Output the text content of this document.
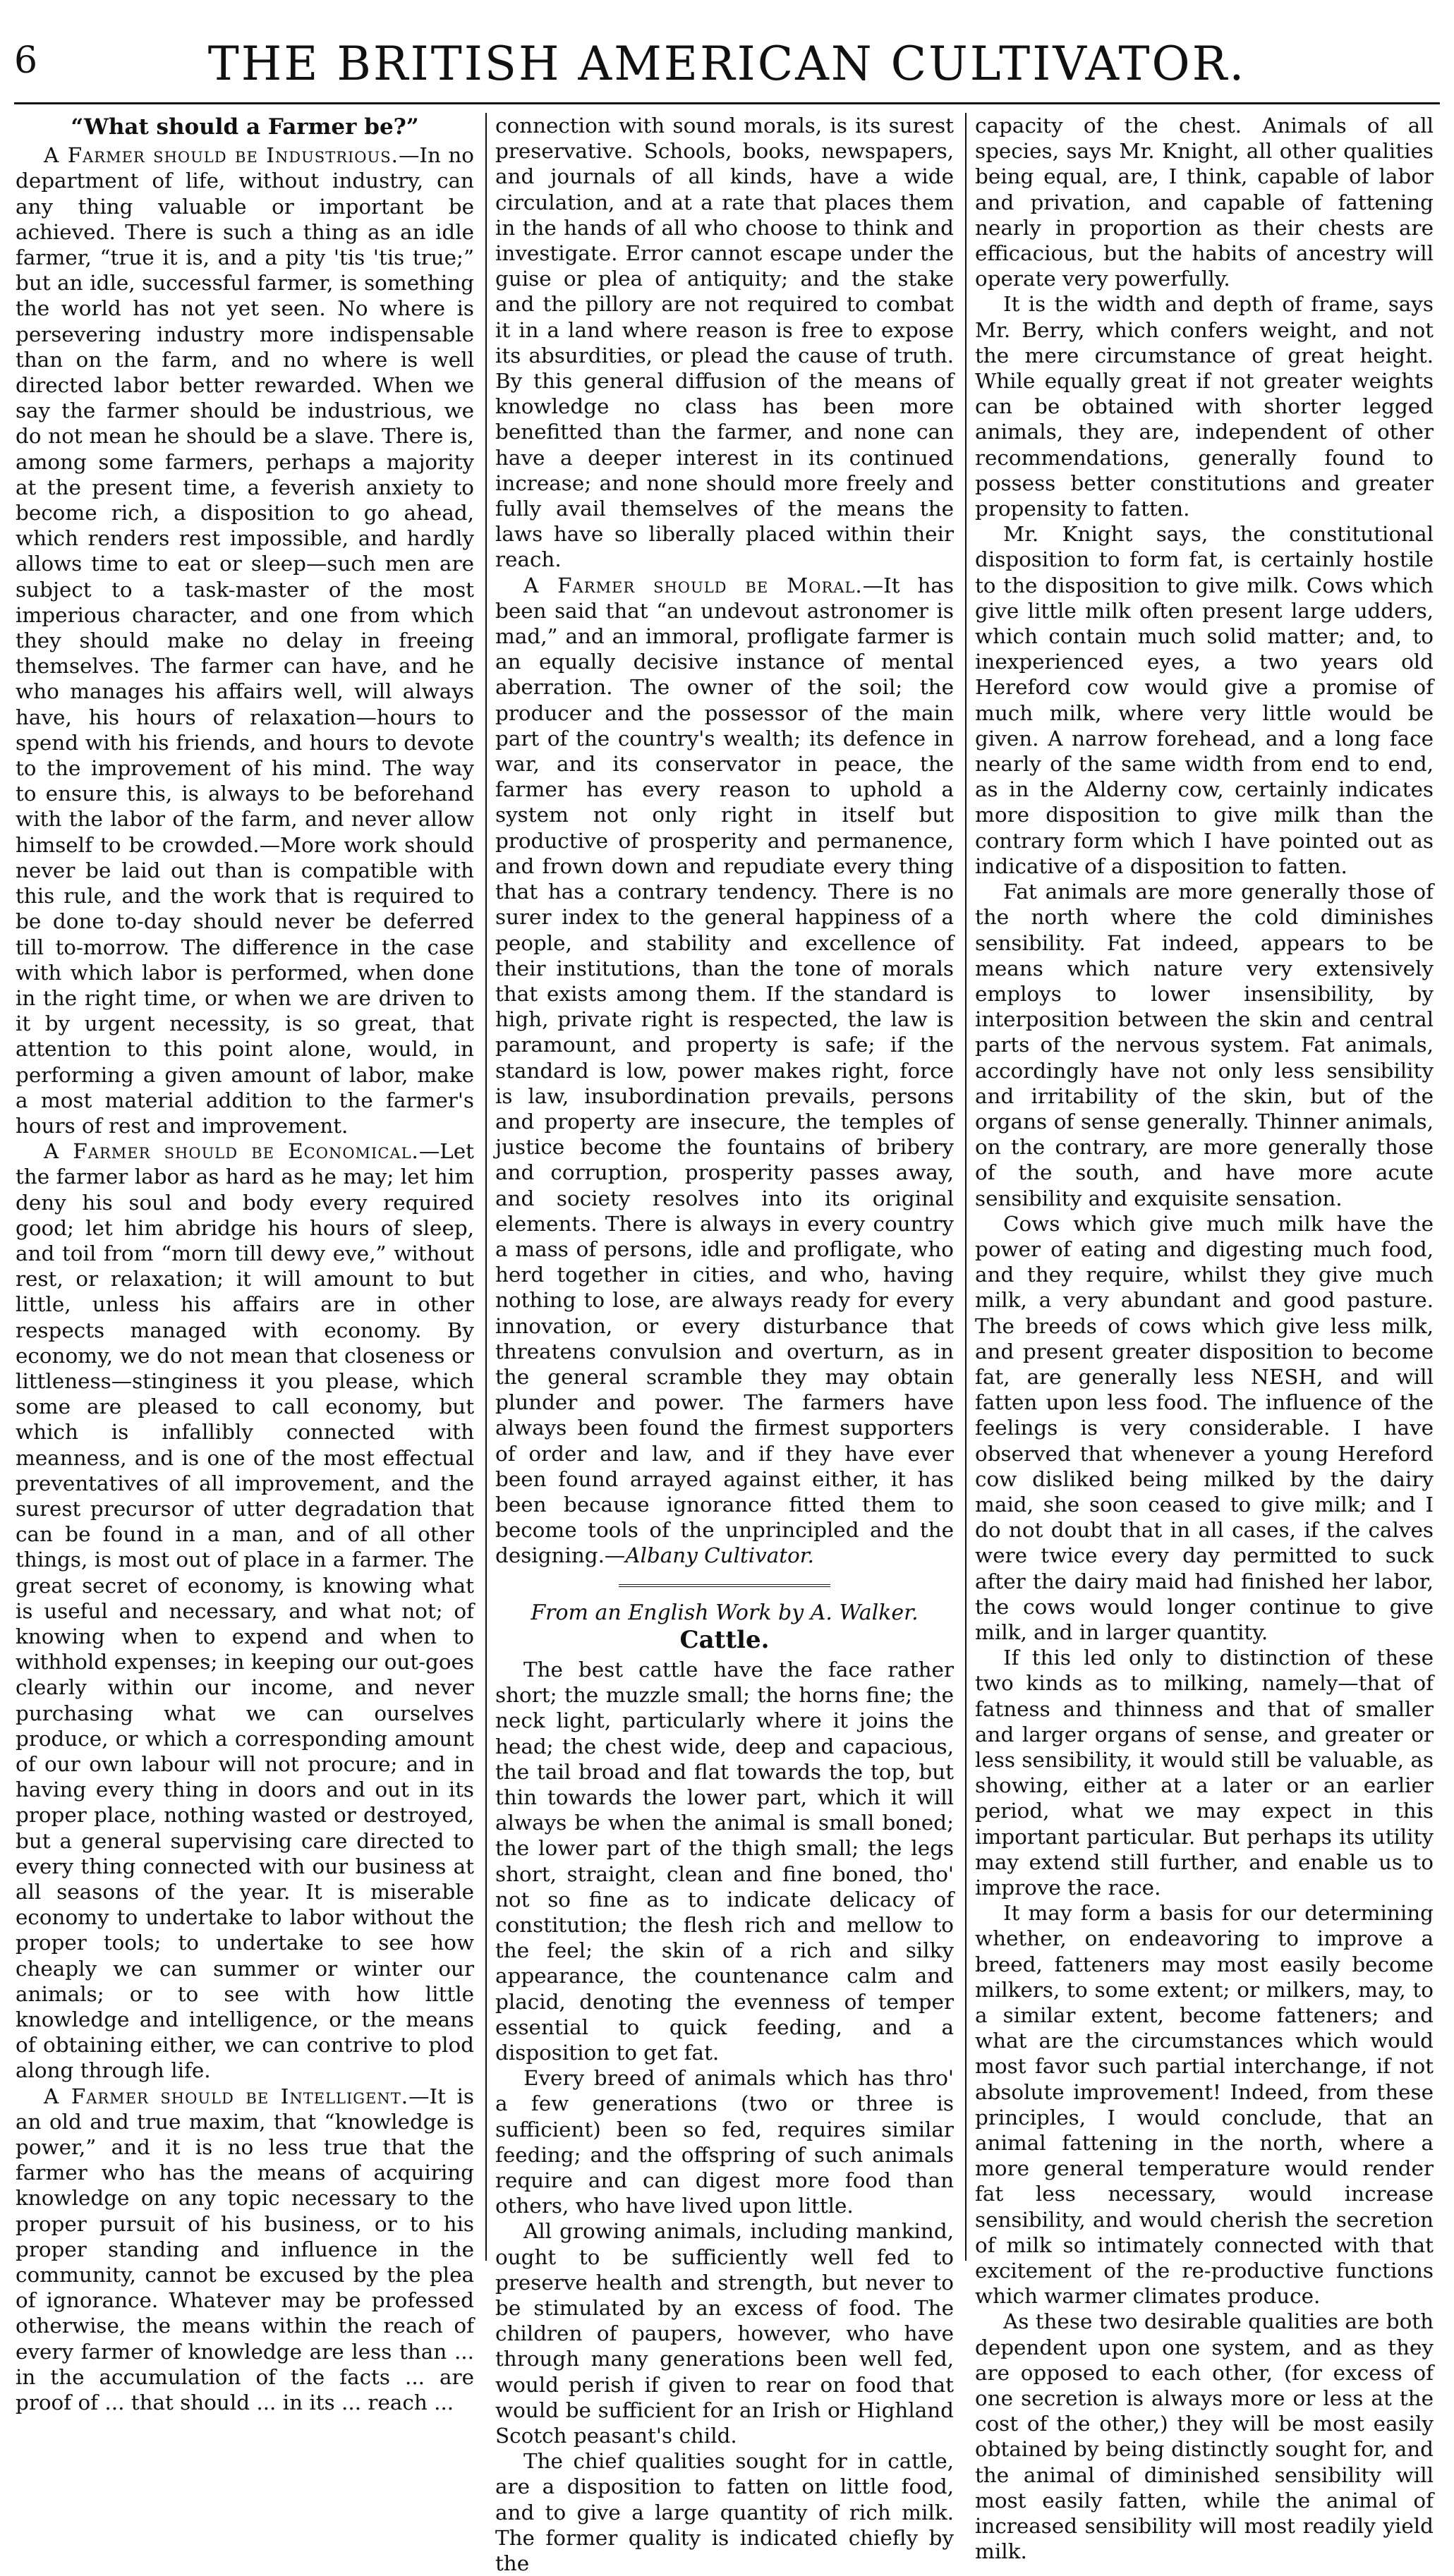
6	THE BRITISH AMERICAN CULTIVATOR.
“What should a Farmer be?”

A Farmer should be Industrious.—In no department of life, without industry, can any thing valuable or important be achieved. There is such a thing as an idle farmer, “true it is, and a pity 'tis 'tis true;” but an idle, successful farmer, is something the world has not yet seen. No where is persevering industry more indispensable than on the farm, and no where is well directed labor better rewarded. When we say the farmer should be industrious, we do not mean he should be a slave. There is, among some farmers, perhaps a majority at the present time, a feverish anxiety to become rich, a disposition to go ahead, which renders rest impossible, and hardly allows time to eat or sleep—such men are subject to a task-master of the most imperious character, and one from which they should make no delay in freeing themselves. The farmer can have, and he who manages his affairs well, will always have, his hours of relaxation—hours to spend with his friends, and hours to devote to the improvement of his mind. The way to ensure this, is always to be beforehand with the labor of the farm, and never allow himself to be crowded.—More work should never be laid out than is compatible with this rule, and the work that is required to be done to-day should never be deferred till to-morrow. The difference in the case with which labor is performed, when done in the right time, or when we are driven to it by urgent necessity, is so great, that attention to this point alone, would, in performing a given amount of labor, make a most material addition to the farmer's hours of rest and improvement.

A Farmer should be Economical.—Let the farmer labor as hard as he may; let him deny his soul and body every required good; let him abridge his hours of sleep, and toil from “morn till dewy eve,” without rest, or relaxation; it will amount to but little, unless his affairs are in other respects managed with economy. By economy, we do not mean that closeness or littleness—stinginess it you please, which some are pleased to call economy, but which is infallibly connected with meanness, and is one of the most effectual preventatives of all improvement, and the surest precursor of utter degradation that can be found in a man, and of all other things, is most out of place in a farmer. The great secret of economy, is knowing what is useful and necessary, and what not; of knowing when to expend and when to withhold expenses; in keeping our out-goes clearly within our income, and never purchasing what we can ourselves produce, or which a corresponding amount of our own labour will not procure; and in having every thing in doors and out in its proper place, nothing wasted or destroyed, but a general supervising care directed to every thing connected with our business at all seasons of the year. It is miserable economy to undertake to labor without the proper tools; to undertake to see how cheaply we can summer or winter our animals; or to see with how little knowledge and intelligence, or the means of obtaining either, we can contrive to plod along through life.

A Farmer should be Intelligent.—It is an old and true maxim, that “knowledge is power,” and it is no less true that the farmer who has the means of acquiring knowledge on any topic necessary to the proper pursuit of his business, or to his proper standing and influence in the community, cannot be excused by the plea of ignorance. Whatever may be professed otherwise, the means within the reach of every farmer of knowledge are less than ... in the accumulation of the facts ... are proof of ... that should ... in its ... reach ...

connection with sound morals, is its surest preservative. Schools, books, newspapers, and journals of all kinds, have a wide circulation, and at a rate that places them in the hands of all who choose to think and investigate. Error cannot escape under the guise or plea of antiquity; and the stake and the pillory are not required to combat it in a land where reason is free to expose its absurdities, or plead the cause of truth. By this general diffusion of the means of knowledge no class has been more benefitted than the farmer, and none can have a deeper interest in its continued increase; and none should more freely and fully avail themselves of the means the laws have so liberally placed within their reach.

A Farmer should be Moral.—It has been said that “an undevout astronomer is mad,” and an immoral, profligate farmer is an equally decisive instance of mental aberration. The owner of the soil; the producer and the possessor of the main part of the country's wealth; its defence in war, and its conservator in peace, the farmer has every reason to uphold a system not only right in itself but productive of prosperity and permanence, and frown down and repudiate every thing that has a contrary tendency. There is no surer index to the general happiness of a people, and stability and excellence of their institutions, than the tone of morals that exists among them. If the standard is high, private right is respected, the law is paramount, and property is safe; if the standard is low, power makes right, force is law, insubordination prevails, persons and property are insecure, the temples of justice become the fountains of bribery and corruption, prosperity passes away, and society resolves into its original elements. There is always in every country a mass of persons, idle and profligate, who herd together in cities, and who, having nothing to lose, are always ready for every innovation, or every disturbance that threatens convulsion and overturn, as in the general scramble they may obtain plunder and power. The farmers have always been found the firmest supporters of order and law, and if they have ever been found arrayed against either, it has been because ignorance fitted them to become tools of the unprincipled and the designing.—Albany Cultivator.

From an English Work by A. Walker.
Cattle.

The best cattle have the face rather short; the muzzle small; the horns fine; the neck light, particularly where it joins the head; the chest wide, deep and capacious, the tail broad and flat towards the top, but thin towards the lower part, which it will always be when the animal is small boned; the lower part of the thigh small; the legs short, straight, clean and fine boned, tho' not so fine as to indicate delicacy of constitution; the flesh rich and mellow to the feel; the skin of a rich and silky appearance, the countenance calm and placid, denoting the evenness of temper essential to quick feeding, and a disposition to get fat.

Every breed of animals which has thro' a few generations (two or three is sufficient) been so fed, requires similar feeding; and the offspring of such animals require and can digest more food than others, who have lived upon little.

All growing animals, including mankind, ought to be sufficiently well fed to preserve health and strength, but never to be stimulated by an excess of food. The children of paupers, however, who have through many generations been well fed, would perish if given to rear on food that would be sufficient for an Irish or Highland Scotch peasant's child.

The chief qualities sought for in cattle, are a disposition to fatten on little food, and to give a large quantity of rich milk. The former quality is indicated chiefly by the

capacity of the chest. Animals of all species, says Mr. Knight, all other qualities being equal, are, I think, capable of labor and privation, and capable of fattening nearly in proportion as their chests are efficacious, but the habits of ancestry will operate very powerfully.

It is the width and depth of frame, says Mr. Berry, which confers weight, and not the mere circumstance of great height. While equally great if not greater weights can be obtained with shorter legged animals, they are, independent of other recommendations, generally found to possess better constitutions and greater propensity to fatten.

Mr. Knight says, the constitutional disposition to form fat, is certainly hostile to the disposition to give milk. Cows which give little milk often present large udders, which contain much solid matter; and, to inexperienced eyes, a two years old Hereford cow would give a promise of much milk, where very little would be given. A narrow forehead, and a long face nearly of the same width from end to end, as in the Alderny cow, certainly indicates more disposition to give milk than the contrary form which I have pointed out as indicative of a disposition to fatten.

Fat animals are more generally those of the north where the cold diminishes sensibility. Fat indeed, appears to be means which nature very extensively employs to lower insensibility, by interposition between the skin and central parts of the nervous system. Fat animals, accordingly have not only less sensibility and irritability of the skin, but of the organs of sense generally. Thinner animals, on the contrary, are more generally those of the south, and have more acute sensibility and exquisite sensation.

Cows which give much milk have the power of eating and digesting much food, and they require, whilst they give much milk, a very abundant and good pasture. The breeds of cows which give less milk, and present greater disposition to become fat, are generally less NESH, and will fatten upon less food. The influence of the feelings is very considerable. I have observed that whenever a young Hereford cow disliked being milked by the dairy maid, she soon ceased to give milk; and I do not doubt that in all cases, if the calves were twice every day permitted to suck after the dairy maid had finished her labor, the cows would longer continue to give milk, and in larger quantity.

If this led only to distinction of these two kinds as to milking, namely—that of fatness and thinness and that of smaller and larger organs of sense, and greater or less sensibility, it would still be valuable, as showing, either at a later or an earlier period, what we may expect in this important particular. But perhaps its utility may extend still further, and enable us to improve the race.

It may form a basis for our determining whether, on endeavoring to improve a breed, fatteners may most easily become milkers, to some extent; or milkers, may, to a similar extent, become fatteners; and what are the circumstances which would most favor such partial interchange, if not absolute improvement! Indeed, from these principles, I would conclude, that an animal fattening in the north, where a more general temperature would render fat less necessary, would increase sensibility, and would cherish the secretion of milk so intimately connected with that excitement of the re-productive functions which warmer climates produce.

As these two desirable qualities are both dependent upon one system, and as they are opposed to each other, (for excess of one secretion is always more or less at the cost of the other,) they will be most easily obtained by being distinctly sought for, and the animal of diminished sensibility will most easily fatten, while the animal of increased sensibility will most readily yield milk.
